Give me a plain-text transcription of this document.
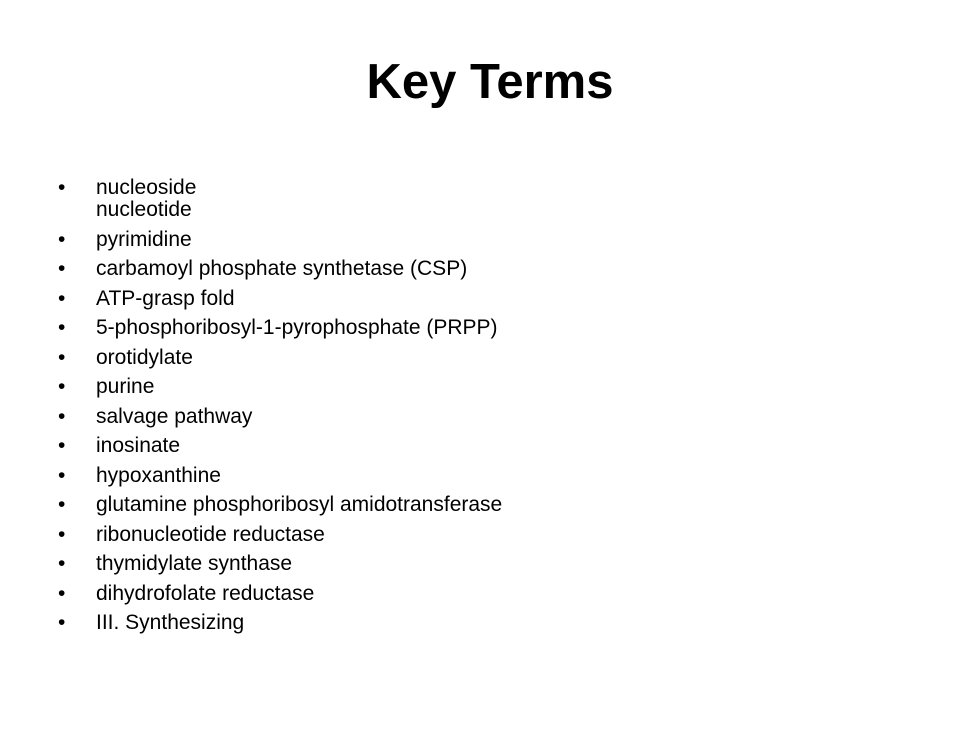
Key Terms
•	nucleoside
nucleotide
•	pyrimidine
•	carbamoyl phosphate synthetase (CSP)
•	ATP-grasp fold
•	5-phosphoribosyl-1-pyrophosphate (PRPP)
•	orotidylate
•	purine
•	salvage pathway
•	inosinate
•	hypoxanthine
•	glutamine phosphoribosyl amidotransferase
•	ribonucleotide reductase
•	thymidylate synthase
•	dihydrofolate reductase
•	III. Synthesizing
